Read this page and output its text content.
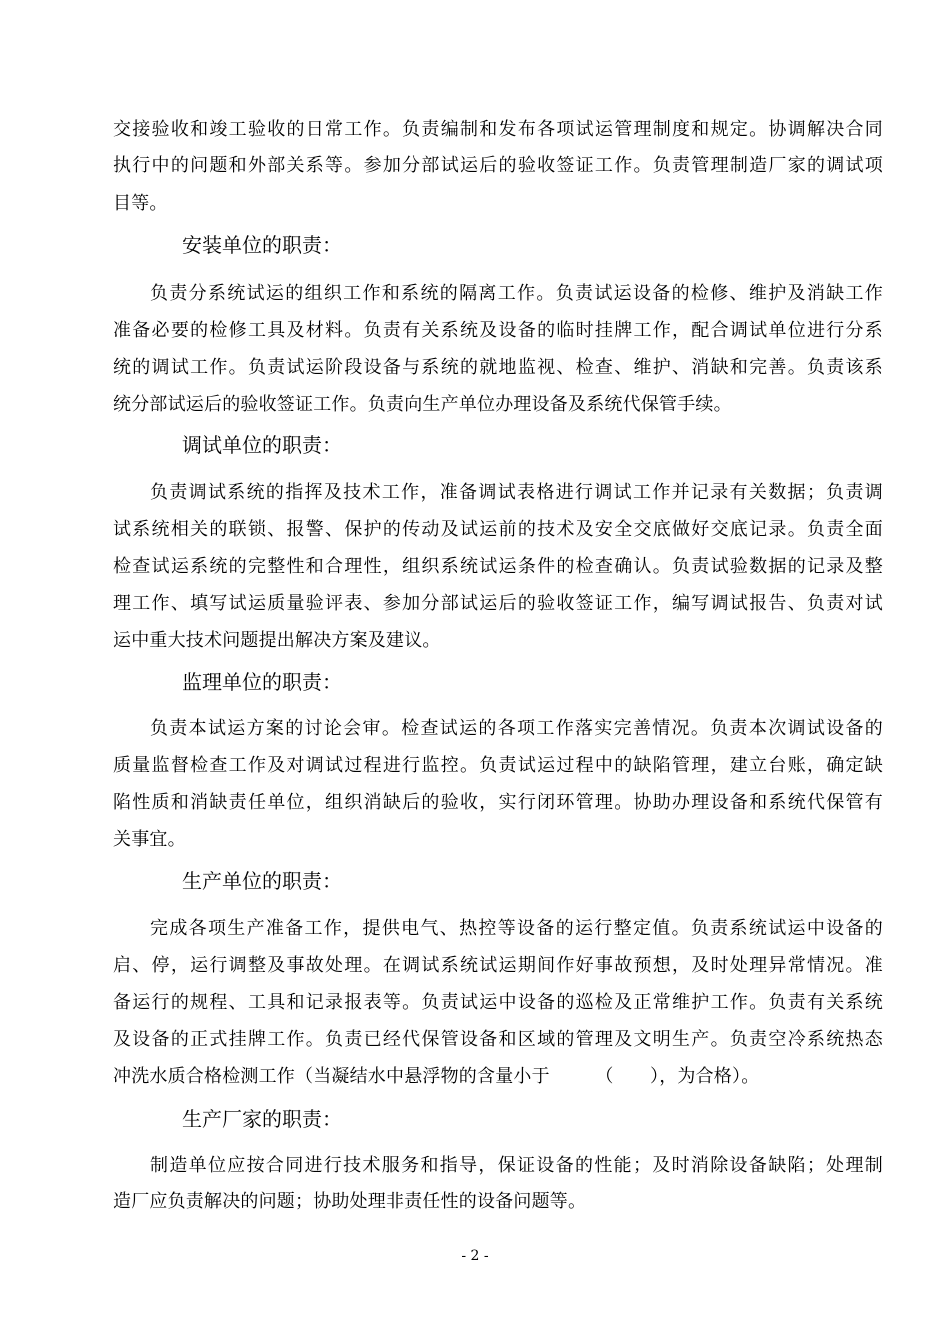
交接验收和竣工验收的日常工作。负责编制和发布各项试运管理制度和规定。协调解决合同
执行中的问题和外部关系等。参加分部试运后的验收签证工作。负责管理制造厂家的调试项
目等。
安装单位的职责：
负责分系统试运的组织工作和系统的隔离工作。负责试运设备的检修、维护及消缺工作
准备必要的检修工具及材料。负责有关系统及设备的临时挂牌工作，配合调试单位进行分系
统的调试工作。负责试运阶段设备与系统的就地监视、检查、维护、消缺和完善。负责该系
统分部试运后的验收签证工作。负责向生产单位办理设备及系统代保管手续。
调试单位的职责：
负责调试系统的指挥及技术工作，准备调试表格进行调试工作并记录有关数据；负责调
试系统相关的联锁、报警、保护的传动及试运前的技术及安全交底做好交底记录。负责全面
检查试运系统的完整性和合理性，组织系统试运条件的检查确认。负责试验数据的记录及整
理工作、填写试运质量验评表、参加分部试运后的验收签证工作，编写调试报告、负责对试
运中重大技术问题提出解决方案及建议。
监理单位的职责：
负责本试运方案的讨论会审。检查试运的各项工作落实完善情况。负责本次调试设备的
质量监督检查工作及对调试过程进行监控。负责试运过程中的缺陷管理，建立台账，确定缺
陷性质和消缺责任单位，组织消缺后的验收，实行闭环管理。协助办理设备和系统代保管有
关事宜。
生产单位的职责：
完成各项生产准备工作，提供电气、热控等设备的运行整定值。负责系统试运中设备的
启、停，运行调整及事故处理。在调试系统试运期间作好事故预想，及时处理异常情况。准
备运行的规程、工具和记录报表等。负责试运中设备的巡检及正常维护工作。负责有关系统
及设备的正式挂牌工作。负责已经代保管设备和区域的管理及文明生产。负责空冷系统热态
冲洗水质合格检测工作（当凝结水中悬浮物的含量小于　　　（　　），为合格）。
生产厂家的职责：
制造单位应按合同进行技术服务和指导，保证设备的性能；及时消除设备缺陷；处理制
造厂应负责解决的问题；协助处理非责任性的设备问题等。
- 2 -
